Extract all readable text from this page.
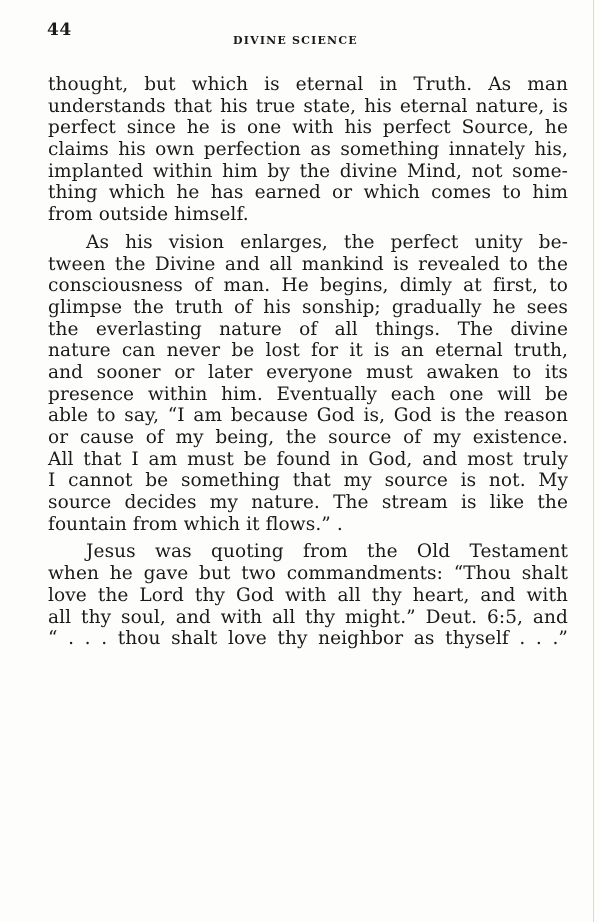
44
DIVINE SCIENCE
thought, but which is eternal in Truth. As man
understands that his true state, his eternal nature, is
perfect since he is one with his perfect Source, he
claims his own perfection as something innately his,
implanted within him by the divine Mind, not some-
thing which he has earned or which comes to him
from outside himself.
As his vision enlarges, the perfect unity be-
tween the Divine and all mankind is revealed to the
consciousness of man. He begins, dimly at first, to
glimpse the truth of his sonship; gradually he sees
the everlasting nature of all things. The divine
nature can never be lost for it is an eternal truth,
and sooner or later everyone must awaken to its
presence within him. Eventually each one will be
able to say, “I am because God is, God is the reason
or cause of my being, the source of my existence.
All that I am must be found in God, and most truly
I cannot be something that my source is not. My
source decides my nature. The stream is like the
fountain from which it flows.” .
Jesus was quoting from the Old Testament
when he gave but two commandments: “Thou shalt
love the Lord thy God with all thy heart, and with
all thy soul, and with all thy might.” Deut. 6:5, and
“ . . . thou shalt love thy neighbor as thyself . . .”
